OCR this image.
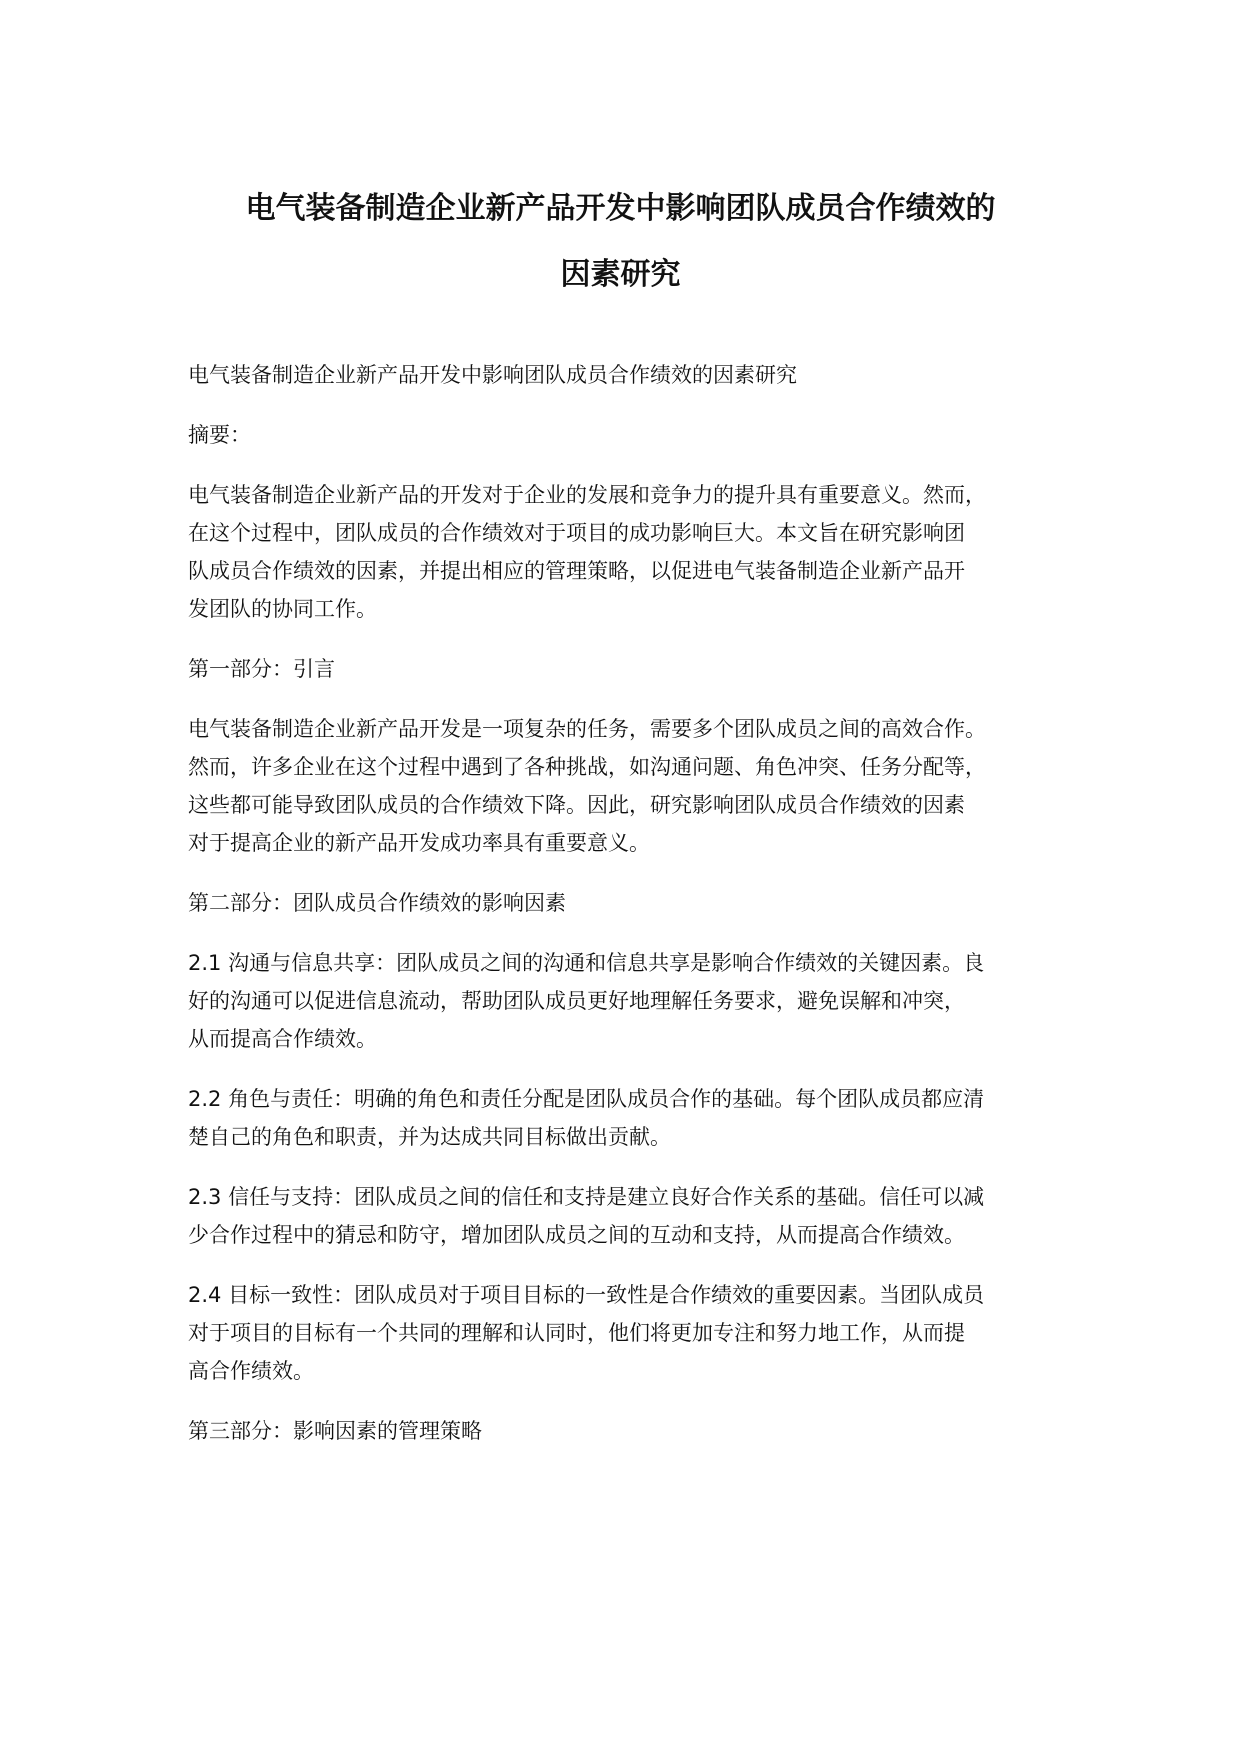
电气装备制造企业新产品开发中影响团队成员合作绩效的
因素研究

电气装备制造企业新产品开发中影响团队成员合作绩效的因素研究

摘要：

电气装备制造企业新产品的开发对于企业的发展和竞争力的提升具有重要意义。然而，
在这个过程中，团队成员的合作绩效对于项目的成功影响巨大。本文旨在研究影响团
队成员合作绩效的因素，并提出相应的管理策略，以促进电气装备制造企业新产品开
发团队的协同工作。

第一部分：引言

电气装备制造企业新产品开发是一项复杂的任务，需要多个团队成员之间的高效合作。
然而，许多企业在这个过程中遇到了各种挑战，如沟通问题、角色冲突、任务分配等，
这些都可能导致团队成员的合作绩效下降。因此，研究影响团队成员合作绩效的因素
对于提高企业的新产品开发成功率具有重要意义。

第二部分：团队成员合作绩效的影响因素

2.1 沟通与信息共享：团队成员之间的沟通和信息共享是影响合作绩效的关键因素。良
好的沟通可以促进信息流动，帮助团队成员更好地理解任务要求，避免误解和冲突，
从而提高合作绩效。

2.2 角色与责任：明确的角色和责任分配是团队成员合作的基础。每个团队成员都应清
楚自己的角色和职责，并为达成共同目标做出贡献。

2.3 信任与支持：团队成员之间的信任和支持是建立良好合作关系的基础。信任可以减
少合作过程中的猜忌和防守，增加团队成员之间的互动和支持，从而提高合作绩效。

2.4 目标一致性：团队成员对于项目目标的一致性是合作绩效的重要因素。当团队成员
对于项目的目标有一个共同的理解和认同时，他们将更加专注和努力地工作，从而提
高合作绩效。

第三部分：影响因素的管理策略
